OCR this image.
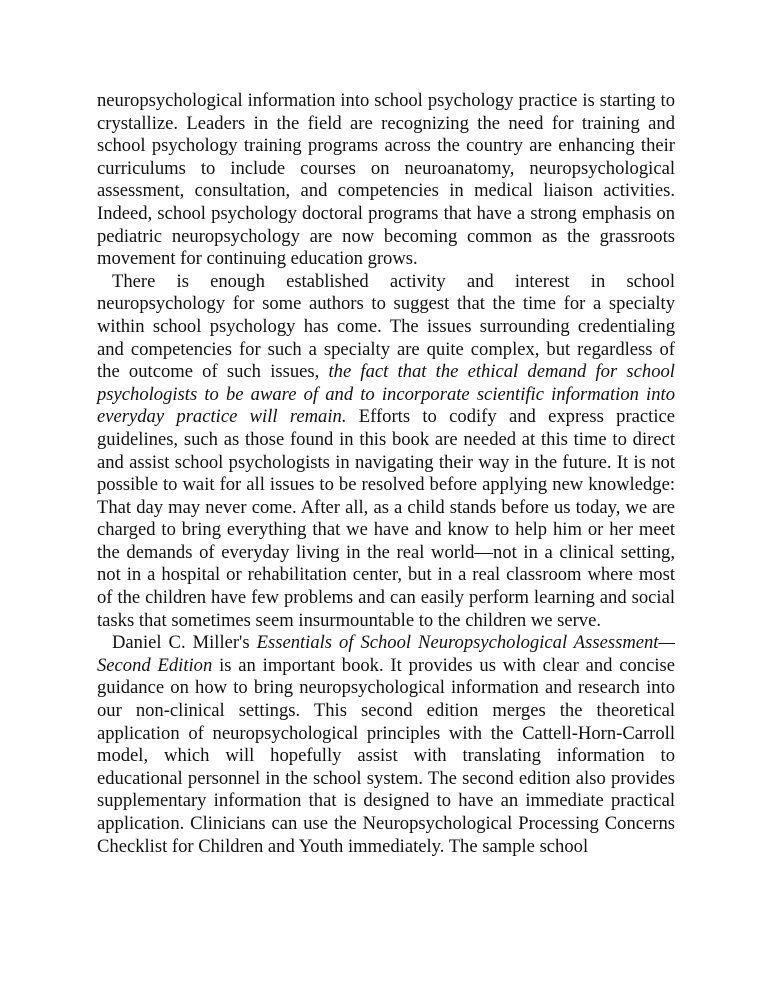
neuropsychological information into school psychology practice is starting to crystallize. Leaders in the field are recognizing the need for training and school psychology training programs across the country are enhancing their curriculums to include courses on neuroanatomy, neuropsychological assessment, consultation, and competencies in medical liaison activities. Indeed, school psychology doctoral programs that have a strong emphasis on pediatric neuropsychology are now becoming common as the grassroots movement for continuing education grows.

There is enough established activity and interest in school neuropsychology for some authors to suggest that the time for a specialty within school psychology has come. The issues surrounding credentialing and competencies for such a specialty are quite complex, but regardless of the outcome of such issues, the fact that the ethical demand for school psychologists to be aware of and to incorporate scientific information into everyday practice will remain. Efforts to codify and express practice guidelines, such as those found in this book are needed at this time to direct and assist school psychologists in navigating their way in the future. It is not possible to wait for all issues to be resolved before applying new knowledge: That day may never come. After all, as a child stands before us today, we are charged to bring everything that we have and know to help him or her meet the demands of everyday living in the real world—not in a clinical setting, not in a hospital or rehabilitation center, but in a real classroom where most of the children have few problems and can easily perform learning and social tasks that sometimes seem insurmountable to the children we serve.

Daniel C. Miller's Essentials of School Neuropsychological Assessment—Second Edition is an important book. It provides us with clear and concise guidance on how to bring neuropsychological information and research into our non-clinical settings. This second edition merges the theoretical application of neuropsychological principles with the Cattell-Horn-Carroll model, which will hopefully assist with translating information to educational personnel in the school system. The second edition also provides supplementary information that is designed to have an immediate practical application. Clinicians can use the Neuropsychological Processing Concerns Checklist for Children and Youth immediately. The sample school
